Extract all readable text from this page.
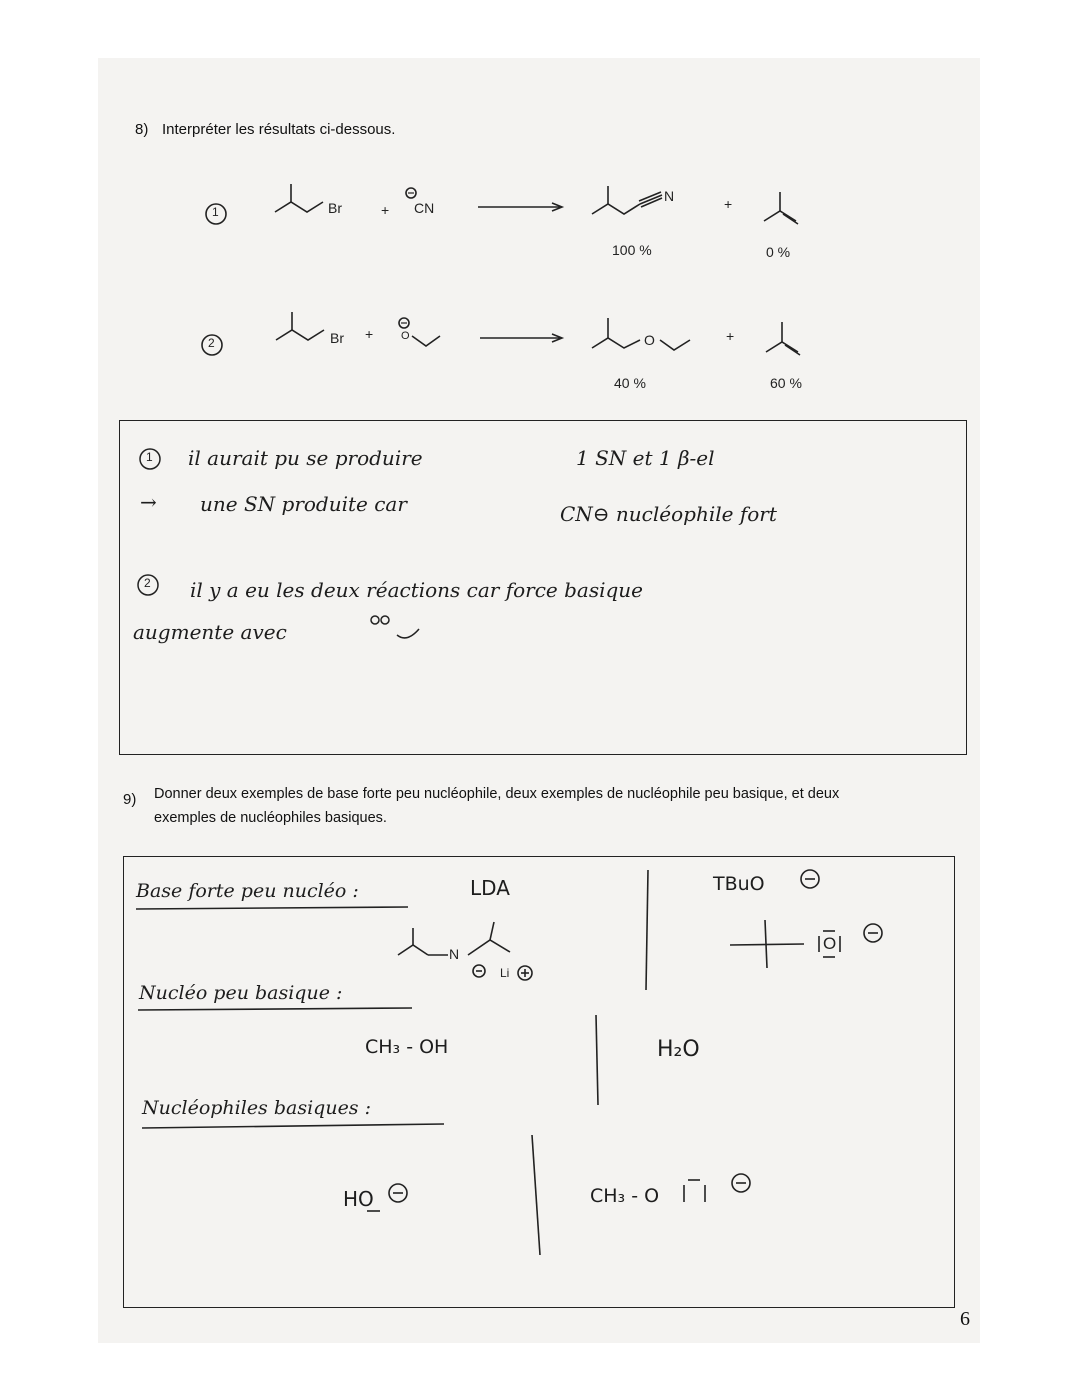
8) Interpréter les résultats ci-dessous.
1	Br	+ CN
N	+
100 %	0 %
2	Br +	O	O	+
40 %	60 %
1 il aurait pu se produire	1 SN et 1 β-el
→ une SN produite car	CN⊖ nucléophile fort
2 il y a eu les deux réactions car force basique
augmente avec
9) Donner deux exemples de base forte peu nucléophile, deux exemples de nucléophile peu basique, et deux
exemples de nucléophiles basiques.
Base forte peu nucléo :	LDA
N
Li
TBuO
O
Nucléo peu basique :
CH₃ - OH	H₂O
Nucléophiles basiques :
HO	CH₃ - O
6
